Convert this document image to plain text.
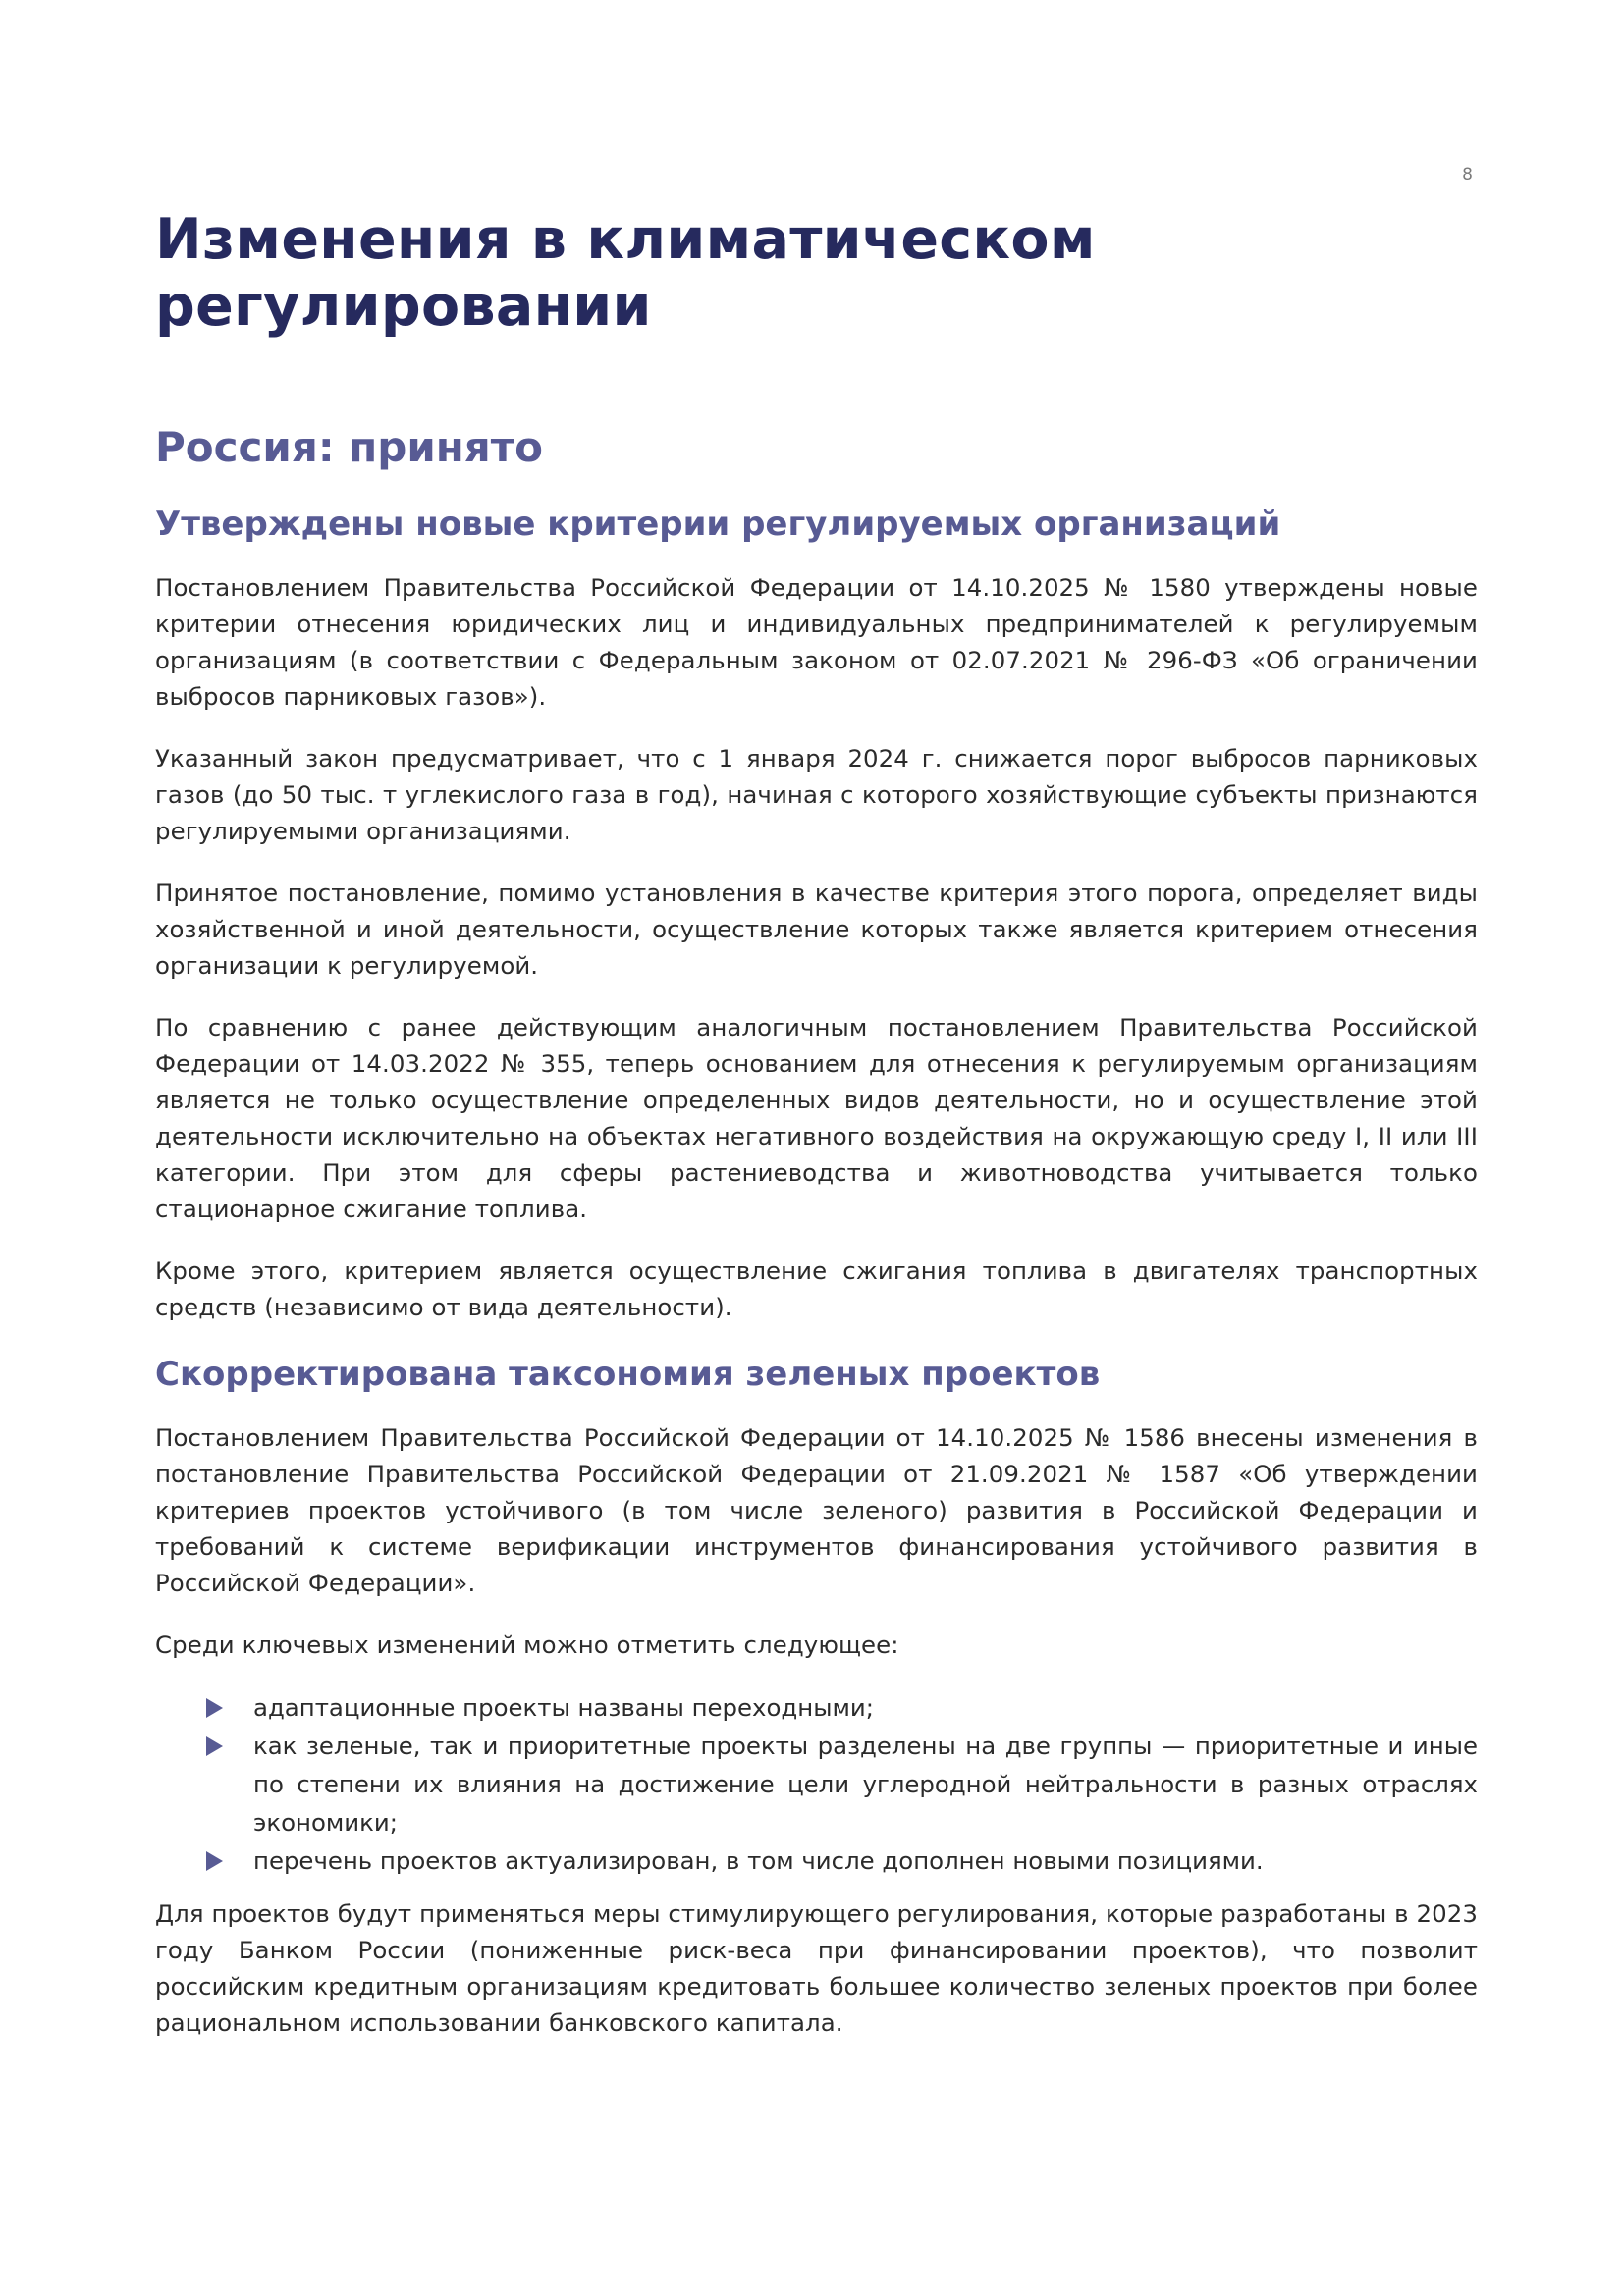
8
Изменения в климатическом регулировании
Россия: принято
Утверждены новые критерии регулируемых организаций

Постановлением Правительства Российской Федерации от 14.10.2025 № 1580 утверждены новые критерии отнесения юридических лиц и индивидуальных предпринимателей к регулируемым организациям (в соответствии с Федеральным законом от 02.07.2021 № 296-ФЗ «Об ограничении выбросов парниковых газов»).

Указанный закон предусматривает, что с 1 января 2024 г. снижается порог выбросов парниковых газов (до 50 тыс. т углекислого газа в год), начиная с которого хозяйствующие субъекты признаются регулируемыми организациями.

Принятое постановление, помимо установления в качестве критерия этого порога, определяет виды хозяйственной и иной деятельности, осуществление которых также является критерием отнесения организации к регулируемой.

По сравнению с ранее действующим аналогичным постановлением Правительства Российской Федерации от 14.03.2022 № 355, теперь основанием для отнесения к регулируемым организациям является не только осуществление определенных видов деятельности, но и осуществление этой деятельности исключительно на объектах негативного воздействия на окружающую среду I, II или III категории. При этом для сферы растениеводства и животноводства учитывается только стационарное сжигание топлива.

Кроме этого, критерием является осуществление сжигания топлива в двигателях транспортных средств (независимо от вида деятельности).

Скорректирована таксономия зеленых проектов

Постановлением Правительства Российской Федерации от 14.10.2025 № 1586 внесены изменения в постановление Правительства Российской Федерации от 21.09.2021 № 1587 «Об утверждении критериев проектов устойчивого (в том числе зеленого) развития в Российской Федерации и требований к системе верификации инструментов финансирования устойчивого развития в Российской Федерации».

Среди ключевых изменений можно отметить следующее:

адаптационные проекты названы переходными;
как зеленые, так и приоритетные проекты разделены на две группы — приоритетные и иные по степени их влияния на достижение цели углеродной нейтральности в разных отраслях экономики;
перечень проектов актуализирован, в том числе дополнен новыми позициями.

Для проектов будут применяться меры стимулирующего регулирования, которые разработаны в 2023 году Банком России (пониженные риск-веса при финансировании проектов), что позволит российским кредитным организациям кредитовать большее количество зеленых проектов при более рациональном использовании банковского капитала.
